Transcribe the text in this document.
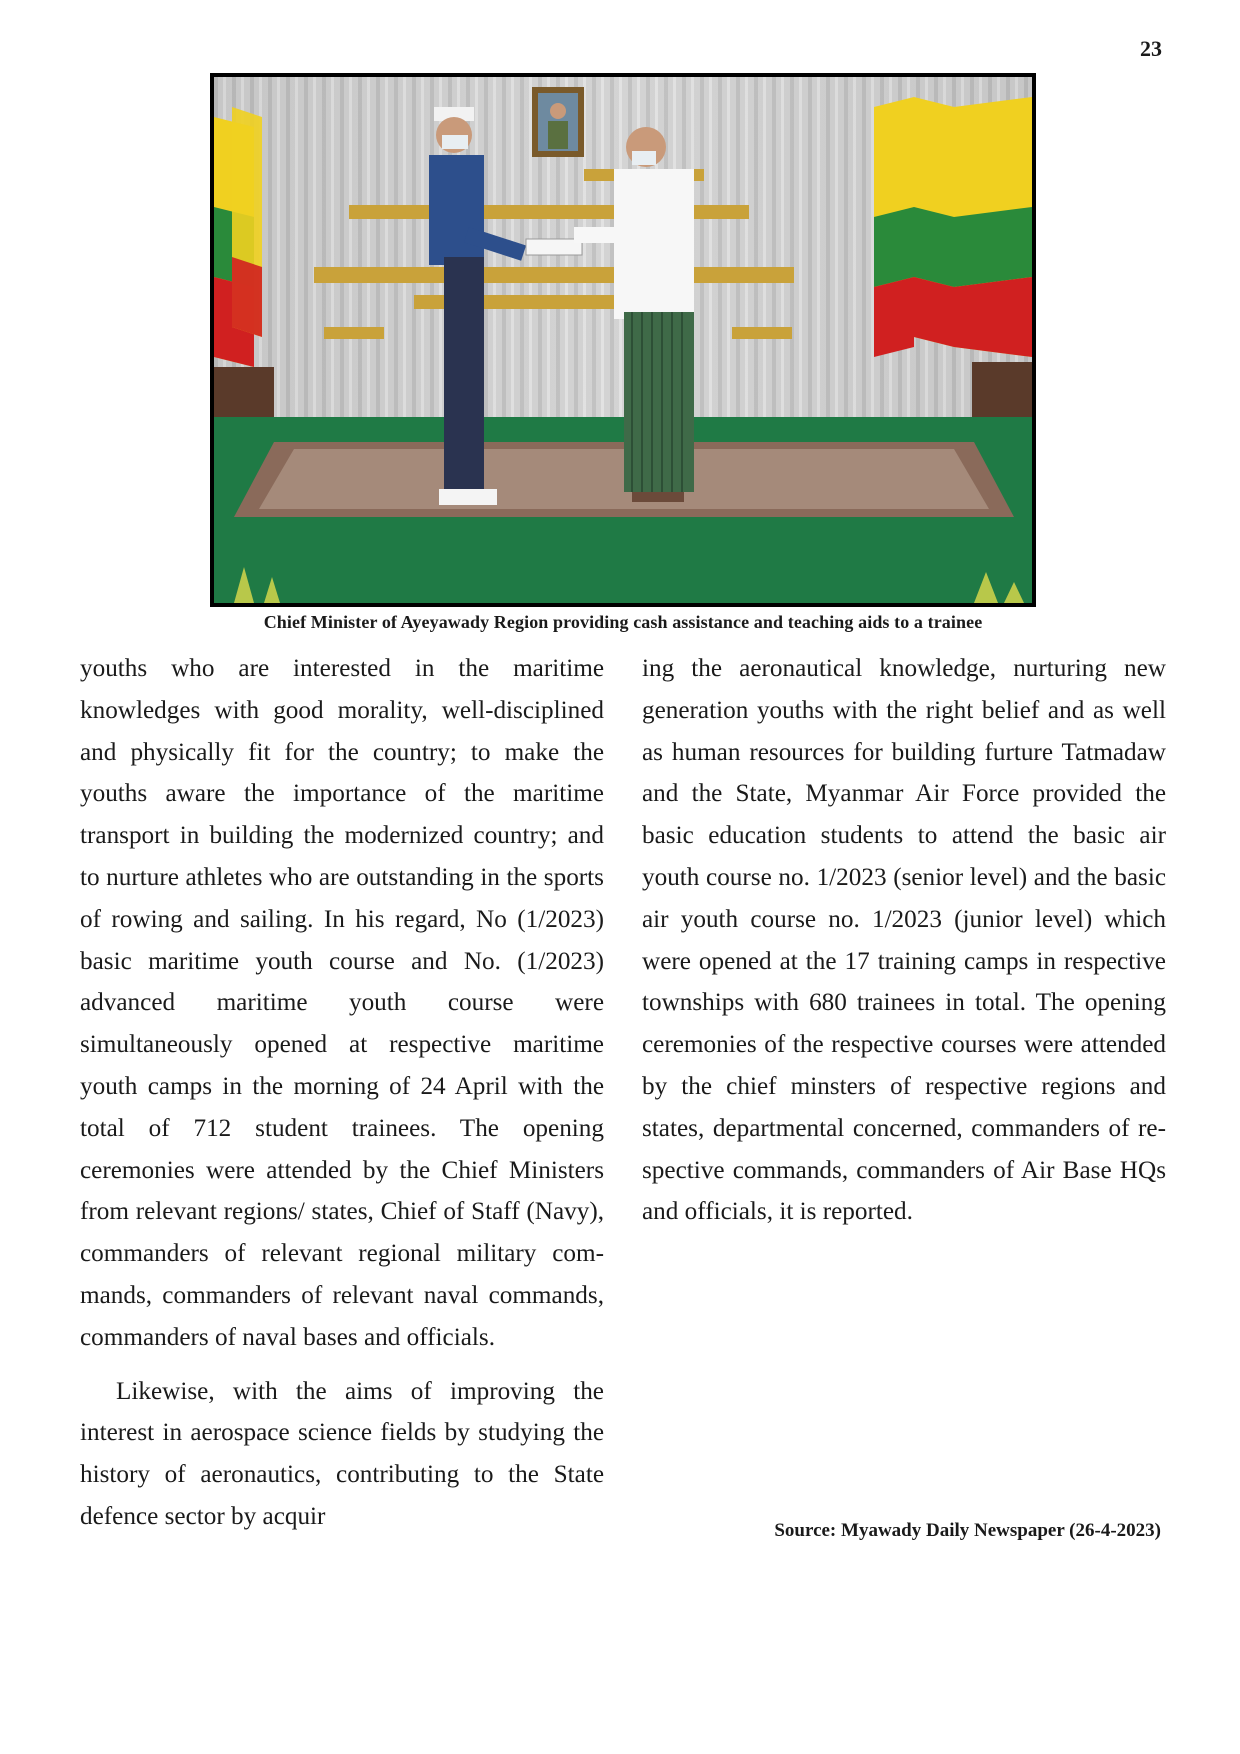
23
Chief Minister of Ayeyawady Region providing cash assistance and teaching aids to a trainee

youths who are interested in the maritime knowledges with good morality, well-disciplined and physically fit for the country; to make the youths aware the importance of the maritime transport in building the modernized country; and to nurture athletes who are outstanding in the sports of rowing and sailing. In his regard, No (1/2023) basic maritime youth course and No. (1/2023) advanced maritime youth course were simultaneously opened at respective maritime youth camps in the morning of 24 April with the total of 712 student trainees. The opening ceremonies were attended by the Chief Ministers from relevant regions/ states, Chief of Staff (Navy), commanders of relevant regional military commands, commanders of relevant naval commands, commanders of naval bases and officials.

Likewise, with the aims of improving the interest in aerospace science fields by studying the history of aeronautics, contributing to the State defence sector by acquir

ing the aeronautical knowledge, nurturing new generation youths with the right belief and as well as human resources for building furture Tatmadaw and the State, Myanmar Air Force provided the basic education students to attend the basic air youth course no. 1/2023 (senior level) and the basic air youth course no. 1/2023 (junior level) which were opened at the 17 training camps in respective townships with 680 trainees in total. The opening ceremonies of the respective courses were attended by the chief minsters of respective regions and states, departmental concerned, commanders of respective commands, commanders of Air Base HQs and officials, it is reported.

Source: Myawady Daily Newspaper (26-4-2023)
